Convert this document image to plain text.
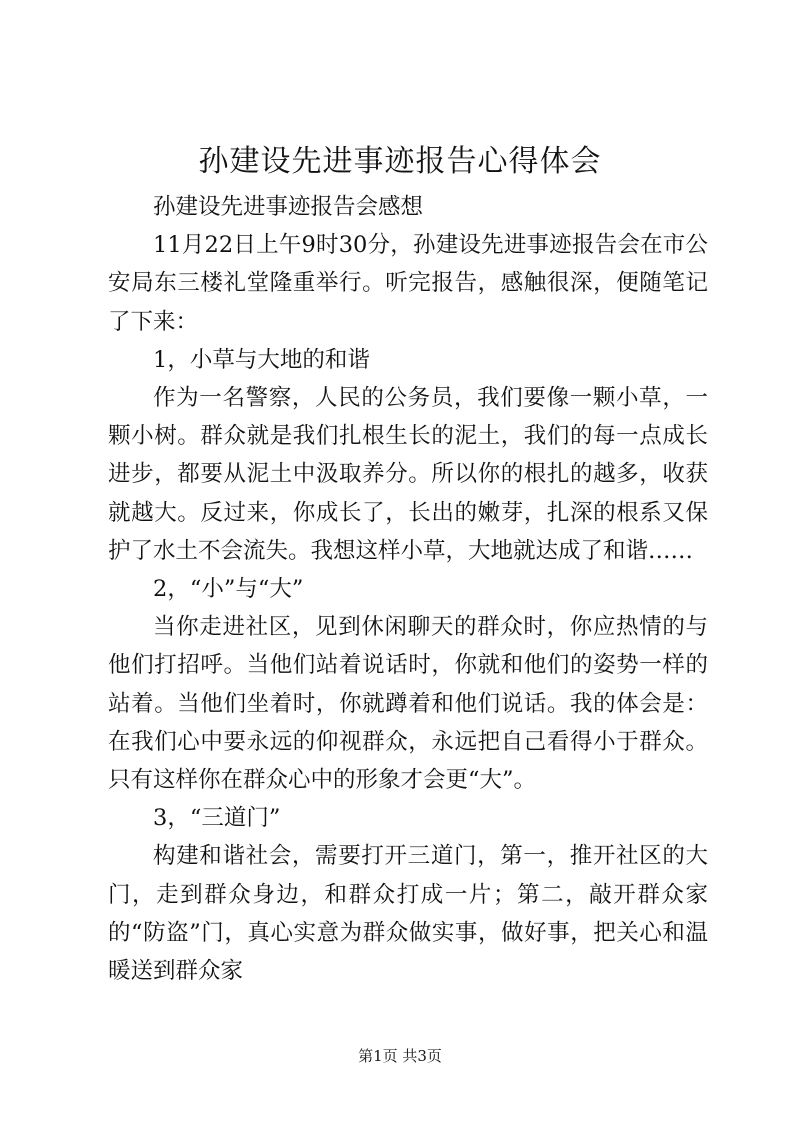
孙建设先进事迹报告心得体会

孙建设先进事迹报告会感想

11月22日上午9时30分，孙建设先进事迹报告会在市公安局东三楼礼堂隆重举行。听完报告，感触很深，便随笔记了下来：

1，小草与大地的和谐

作为一名警察，人民的公务员，我们要像一颗小草，一颗小树。群众就是我们扎根生长的泥土，我们的每一点成长进步，都要从泥土中汲取养分。所以你的根扎的越多，收获就越大。反过来，你成长了，长出的嫩芽，扎深的根系又保护了水土不会流失。我想这样小草，大地就达成了和谐……

2，“小”与“大”

当你走进社区，见到休闲聊天的群众时，你应热情的与他们打招呼。当他们站着说话时，你就和他们的姿势一样的站着。当他们坐着时，你就蹲着和他们说话。我的体会是：在我们心中要永远的仰视群众，永远把自己看得小于群众。只有这样你在群众心中的形象才会更“大”。

3，“三道门”

构建和谐社会，需要打开三道门，第一，推开社区的大门，走到群众身边，和群众打成一片；第二，敲开群众家的“防盗”门，真心实意为群众做实事，做好事，把关心和温暖送到群众家

第1页 共3页
